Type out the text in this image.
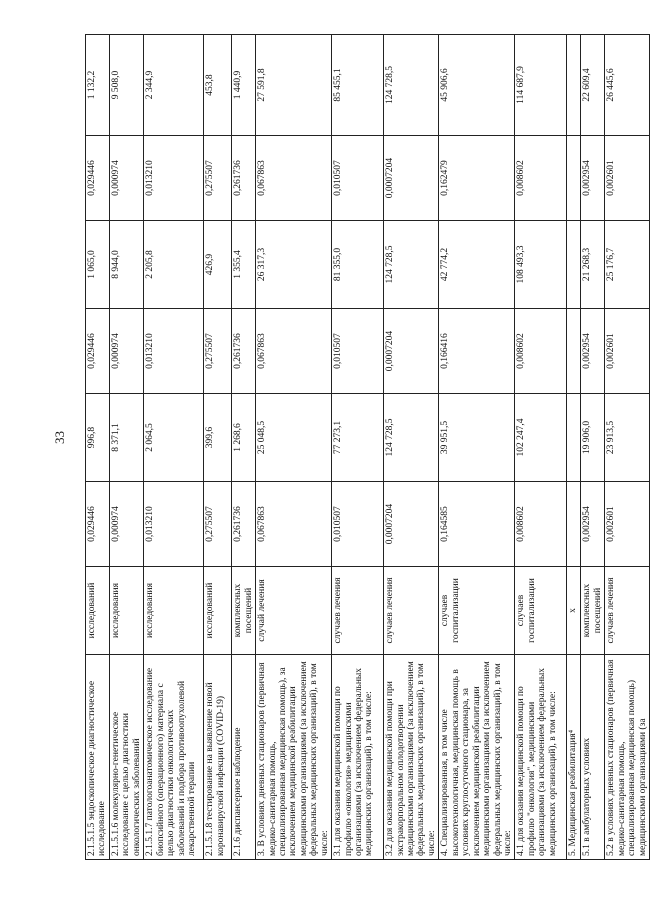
33
2.1.5.1.5 эндоскопическое диагностическое исследование	исследований	0,029446	996,8	0,029446	1 065,0	0,029446	1 132,2
2.1.5.1.6 молекулярно-генетическое исследование с целью диагностики онкологических заболеваний	исследования	0,000974	8 371,1	0,000974	8 944,0	0,000974	9 508,0
2.1.5.1.7 патологоанатомическое исследование биопсийного (операционного) материала с целью диагностики онкологических заболеваний и подбора противоопухолевой лекарственной терапии	исследования	0,013210	2 064,5	0,013210	2 205,8	0,013210	2 344,9
2.1.5.1.8 тестирование на выявление новой коронавирусной инфекции (COVID-19)	исследований	0,275507	399,6	0,275507	426,9	0,275507	453,8
2.1.6 диспансерное наблюдение	комплексных посещений	0,261736	1 268,6	0,261736	1 355,4	0,261736	1 440,9
3. В условиях дневных стационаров (первичная медико-санитарная помощь, специализированная медицинская помощь), за исключением медицинской реабилитации медицинскими организациями (за исключением федеральных медицинских организаций), в том числе:	случай лечения	0,067863	25 048,5	0,067863	26 317,3	0,067863	27 591,8
3.1 для оказания медицинской помощи по профилю «онкология» медицинскими организациями (за исключением федеральных медицинских организаций), в том числе:	случаев лечения	0,010507	77 273,1	0,010507	81 355,0	0,010507	85 455,1
3.2 для оказания медицинской помощи при экстракорпоральном оплодотворении медицинскими организациями (за исключением федеральных медицинских организаций), в том числе:	случаев лечения	0,0007204	124 728,5	0,0007204	124 728,5	0,0007204	124 728,5
4. Специализированная, в том числе высокотехнологичная, медицинская помощь в условиях круглосуточного стационара, за исключением медицинской реабилитации медицинскими организациями (за исключением федеральных медицинских организаций), в том числе:	случаев госпитализации	0,164585	39 951,5	0,166416	42 774,2	0,162479	45 906,6
4.1 для оказания медицинской помощи по профилю "онкология", медицинскими организациями (за исключением федеральных медицинских организаций), в том числе:	случаев госпитализации	0,008602	102 247,4	0,008602	108 493,3	0,008602	114 687,9
5. Медицинская реабилитация⁴	х						
5.1 в амбулаторных условиях	комплексных посещений	0,002954	19 906,0	0,002954	21 268,3	0,002954	22 609,4
5.2 в условиях дневных стационаров (первичная медико-санитарная помощь, специализированная медицинская помощь) медицинскими организациями (за	случаев лечения	0,002601	23 913,5	0,002601	25 176,7	0,002601	26 445,6
